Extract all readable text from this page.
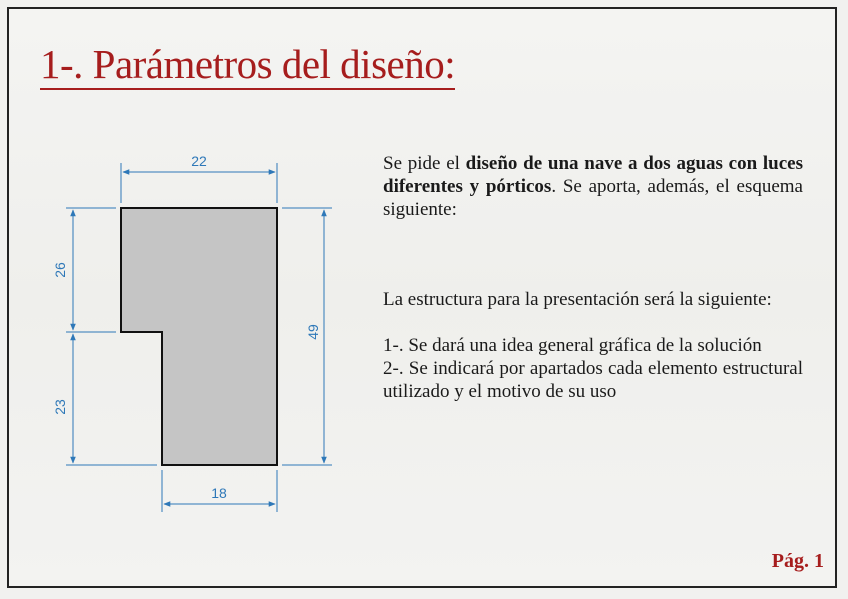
1-. Parámetros del diseño:
22
26
23
49
18

Se pide el diseño de una nave a dos aguas con luces diferentes y pórticos. Se aporta, además, el esquema siguiente:

La estructura para la presentación será la siguiente:

1-. Se dará una idea general gráfica de la solución

2-. Se indicará por apartados cada elemento estructural utilizado y el motivo de su uso

Pág. 1
